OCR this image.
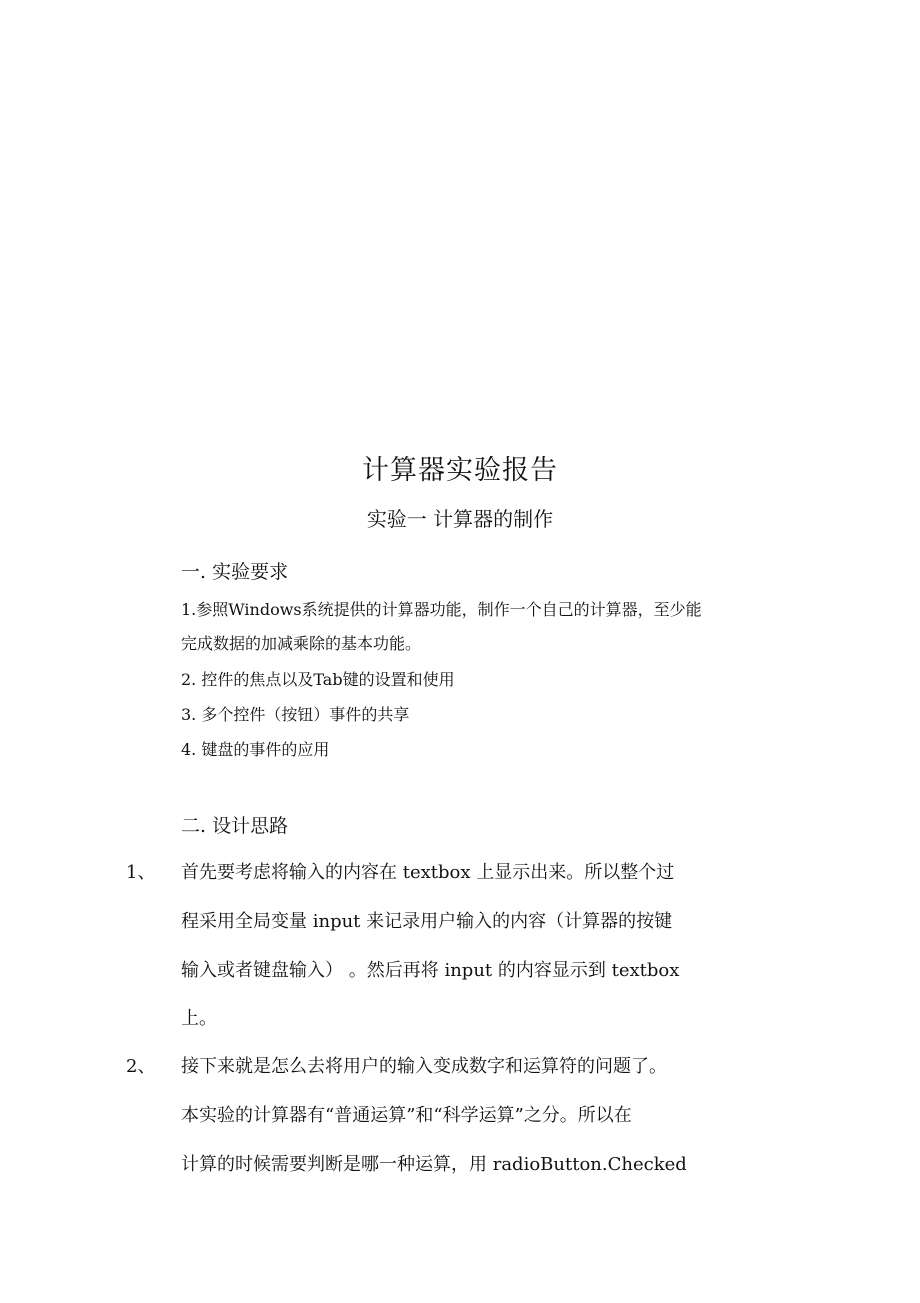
计算器实验报告
实验一 计算器的制作
一. 实验要求
1.参照Windows系统提供的计算器功能，制作一个自己的计算器，至少能
完成数据的加减乘除的基本功能。
2. 控件的焦点以及Tab键的设置和使用
3. 多个控件（按钮）事件的共享
4. 键盘的事件的应用
二. 设计思路
1、 首先要考虑将输入的内容在 textbox 上显示出来。所以整个过
程采用全局变量 input 来记录用户输入的内容（计算器的按键
输入或者键盘输入） 。然后再将 input 的内容显示到 textbox
上。
2、 接下来就是怎么去将用户的输入变成数字和运算符的问题了。
本实验的计算器有“普通运算”和“科学运算”之分。所以在
计算的时候需要判断是哪一种运算，用 radioButton.Checked
